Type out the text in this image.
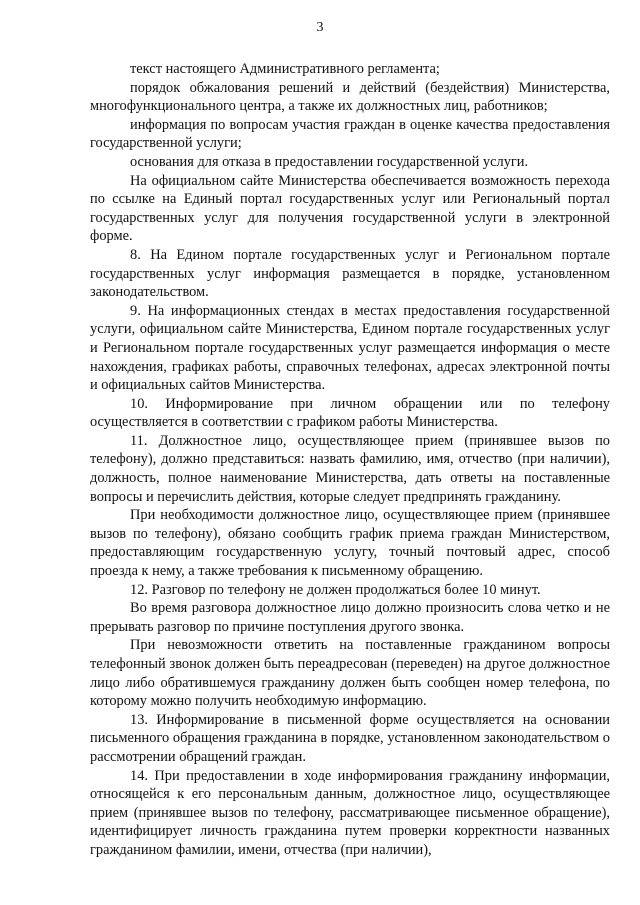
3

текст настоящего Административного регламента;

порядок обжалования решений и действий (бездействия) Министерства, многофункционального центра, а также их должностных лиц, работников;

информация по вопросам участия граждан в оценке качества предоставления государственной услуги;

основания для отказа в предоставлении государственной услуги.

На официальном сайте Министерства обеспечивается возможность перехода по ссылке на Единый портал государственных услуг или Региональный портал государственных услуг для получения государственной услуги в электронной форме.

8. На Едином портале государственных услуг и Региональном портале государственных услуг информация размещается в порядке, установленном законодательством.

9. На информационных стендах в местах предоставления государственной услуги, официальном сайте Министерства, Едином портале государственных услуг и Региональном портале государственных услуг размещается информация о месте нахождения, графиках работы, справочных телефонах, адресах электронной почты и официальных сайтов Министерства.

10. Информирование при личном обращении или по телефону осуществляется в соответствии с графиком работы Министерства.

11. Должностное лицо, осуществляющее прием (принявшее вызов по телефону), должно представиться: назвать фамилию, имя, отчество (при наличии), должность, полное наименование Министерства, дать ответы на поставленные вопросы и перечислить действия, которые следует предпринять гражданину.

При необходимости должностное лицо, осуществляющее прием (принявшее вызов по телефону), обязано сообщить график приема граждан Министерством, предоставляющим государственную услугу, точный почтовый адрес, способ проезда к нему, а также требования к письменному обращению.

12. Разговор по телефону не должен продолжаться более 10 минут.

Во время разговора должностное лицо должно произносить слова четко и не прерывать разговор по причине поступления другого звонка.

При невозможности ответить на поставленные гражданином вопросы телефонный звонок должен быть переадресован (переведен) на другое должностное лицо либо обратившемуся гражданину должен быть сообщен номер телефона, по которому можно получить необходимую информацию.

13. Информирование в письменной форме осуществляется на основании письменного обращения гражданина в порядке, установленном законодательством о рассмотрении обращений граждан.

14. При предоставлении в ходе информирования гражданину информации, относящейся к его персональным данным, должностное лицо, осуществляющее прием (принявшее вызов по телефону, рассматривающее письменное обращение), идентифицирует личность гражданина путем проверки корректности названных гражданином фамилии, имени, отчества (при наличии),
